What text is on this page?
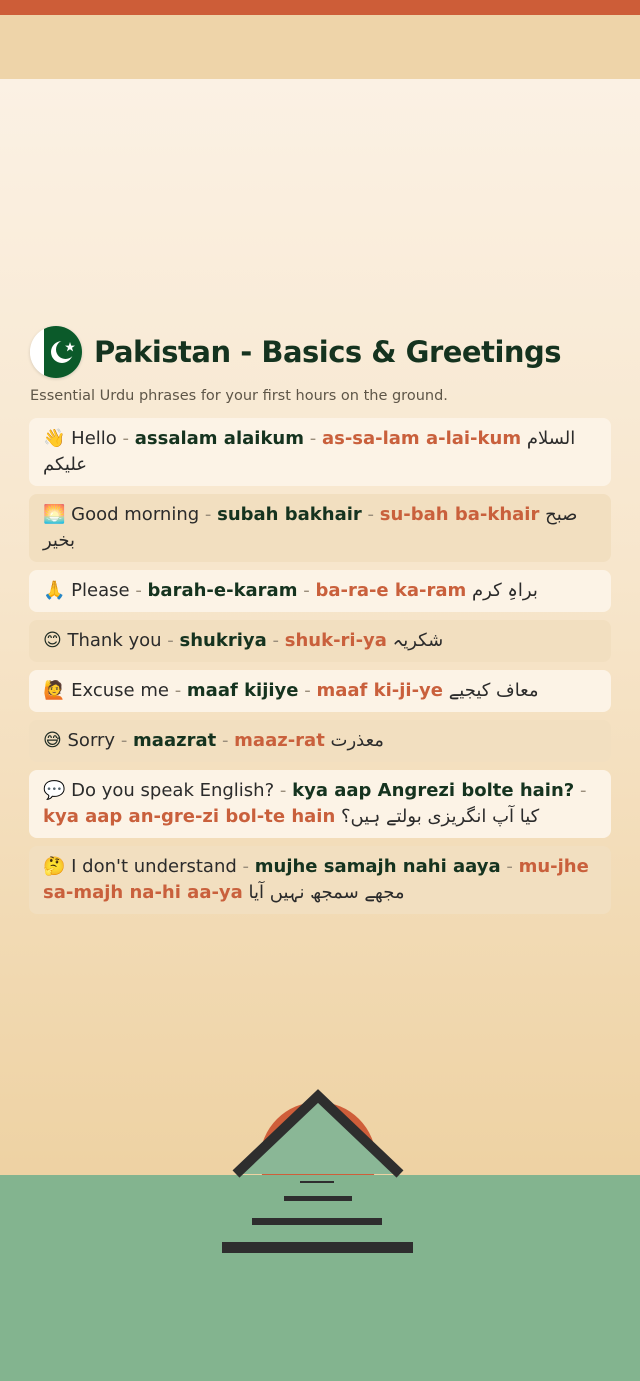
Pakistan - Basics & Greetings
Essential Urdu phrases for your first hours on the ground.
👋 Hello - assalam alaikum - as-sa-lam a-lai-kum السلام علیکم
🌅 Good morning - subah bakhair - su-bah ba-khair صبح بخیر
🙏 Please - barah-e-karam - ba-ra-e ka-ram براہِ کرم
😊 Thank you - shukriya - shuk-ri-ya شکریہ
🙋 Excuse me - maaf kijiye - maaf ki-ji-ye معاف کیجیے
😅 Sorry - maazrat - maaz-rat معذرت
💬 Do you speak English? - kya aap Angrezi bolte hain? - kya aap an-gre-zi bol-te hain کیا آپ انگریزی بولتے ہیں؟
🤔 I don't understand - mujhe samajh nahi aaya - mu-jhe sa-majh na-hi aa-ya مجھے سمجھ نہیں آیا
